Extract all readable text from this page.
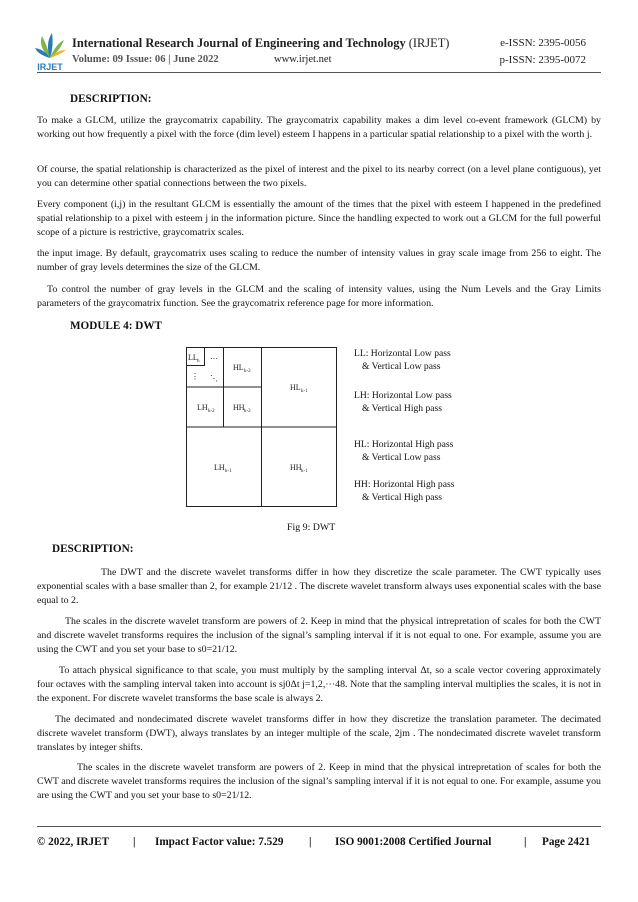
IRJET
International Research Journal of Engineering and Technology (IRJET)	e-ISSN: 2395-0056
Volume: 09 Issue: 06 | June 2022	www.irjet.net	p-ISSN: 2395-0072
DESCRIPTION:
To make a GLCM, utilize the graycomatrix capability. The graycomatrix capability makes a dim level co-event framework (GLCM) by working out how frequently a pixel with the force (dim level) esteem I happens in a particular spatial relationship to a pixel with the worth j.
Of course, the spatial relationship is characterized as the pixel of interest and the pixel to its nearby correct (on a level plane contiguous), yet you can determine other spatial connections between the two pixels.
Every component (i,j) in the resultant GLCM is essentially the amount of the times that the pixel with esteem I happened in the predefined spatial relationship to a pixel with esteem j in the information picture. Since the handling expected to work out a GLCM for the full powerful scope of a picture is restrictive, graycomatrix scales.
the input image. By default, graycomatrix uses scaling to reduce the number of intensity values in gray scale image from 256 to eight. The number of gray levels determines the size of the GLCM.
To control the number of gray levels in the GLCM and the scaling of intensity values, using the Num Levels and the Gray Limits parameters of the graycomatrix function. See the graycomatrix reference page for more information.
MODULE 4: DWT
LL n
…
⋮ ⋱
HL k-2
LH k-2 HH k-2
HL k-1
LH k-1	HH k-1
LL: Horizontal Low pass
& Vertical Low pass
LH: Horizontal Low pass
& Vertical High pass
HL: Horizontal High pass
& Vertical Low pass
HH: Horizontal High pass
& Vertical High pass
Fig 9: DWT
DESCRIPTION:
The DWT and the discrete wavelet transforms differ in how they discretize the scale parameter. The CWT typically uses exponential scales with a base smaller than 2, for example 21/12 . The discrete wavelet transform always uses exponential scales with the base equal to 2.
The scales in the discrete wavelet transform are powers of 2. Keep in mind that the physical intrepretation of scales for both the CWT and discrete wavelet transforms requires the inclusion of the signal’s sampling interval if it is not equal to one. For example, assume you are using the CWT and you set your base to s0=21/12.
To attach physical significance to that scale, you must multiply by the sampling interval Δt, so a scale vector covering approximately four octaves with the sampling interval taken into account is sj0Δt j=1,2,⋯48. Note that the sampling interval multiplies the scales, it is not in the exponent. For discrete wavelet transforms the base scale is always 2.
The decimated and nondecimated discrete wavelet transforms differ in how they discretize the translation parameter. The decimated discrete wavelet transform (DWT), always translates by an integer multiple of the scale, 2jm . The nondecimated discrete wavelet transform translates by integer shifts.
The scales in the discrete wavelet transform are powers of 2. Keep in mind that the physical intrepretation of scales for both the CWT and discrete wavelet transforms requires the inclusion of the signal’s sampling interval if it is not equal to one. For example, assume you are using the CWT and you set your base to s0=21/12.
© 2022, IRJET | Impact Factor value: 7.529 | ISO 9001:2008 Certified Journal	| Page 2421
